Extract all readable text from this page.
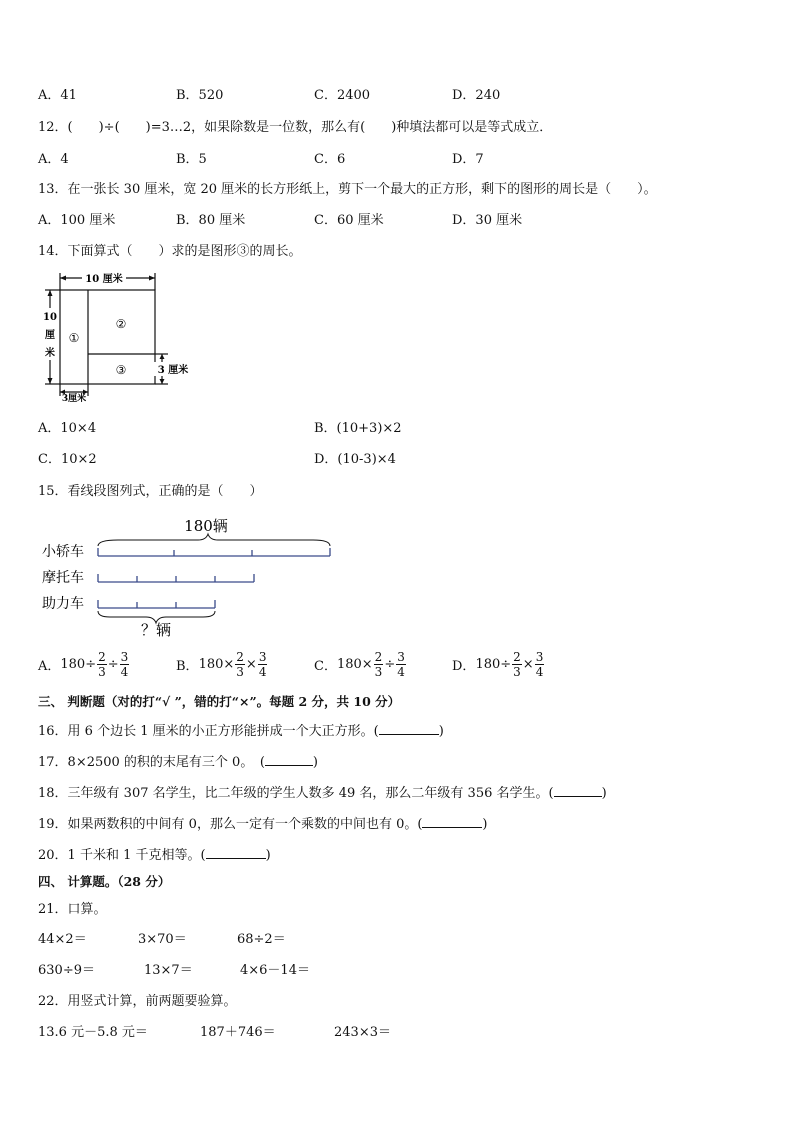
A．41	B．520	C．2400	D．240
12．(　　)÷(　　)=3…2，如果除数是一位数，那么有(　　)种填法都可以是等式成立．
A．4	B．5	C．6	D．7
13．在一张长 30 厘米，宽 20 厘米的长方形纸上，剪下一个最大的正方形，剩下的图形的周长是（　　）。
A．100 厘米	B．80 厘米	C．60 厘米	D．30 厘米
14．下面算式（　　）求的是图形③的周长。
10 厘米
10
厘
米
3 厘米
3厘米
①
②
③
A．10×4	B．(10+3)×2
C．10×2	D．(10-3)×4
15．看线段图列式，正确的是（　　）
180辆
小轿车
摩托车
助力车
？辆
A． $180\div \frac{2}{3} \div \frac{3}{4}$	B． $180\times \frac{2}{3} \times \frac{3}{4}$	C． $180\times \frac{2}{3} \div \frac{3}{4}$	D． $180\div \frac{2}{3} \times \frac{3}{4}$
三、 判断题（对的打“√ ”，错的打“×”。每题 2 分，共 10 分）
16．用 6 个边长 1 厘米的小正方形能拼成一个大正方形。(	)
17．8×2500 的积的末尾有三个 0。　(	)
18．三年级有 307 名学生，比二年级的学生人数多 49 名，那么二年级有 356 名学生。(	)
19．如果两数积的中间有 0，那么一定有一个乘数的中间也有 0。(	)
20．1 千米和 1 千克相等。(	)
四、 计算题。（28 分）
21．口算。
44×2＝	3×70＝	68÷2＝
630÷9＝	13×7＝	4×6－14＝
22．用竖式计算，前两题要验算。
13.6 元－5.8 元＝	187＋746＝	243×3＝
